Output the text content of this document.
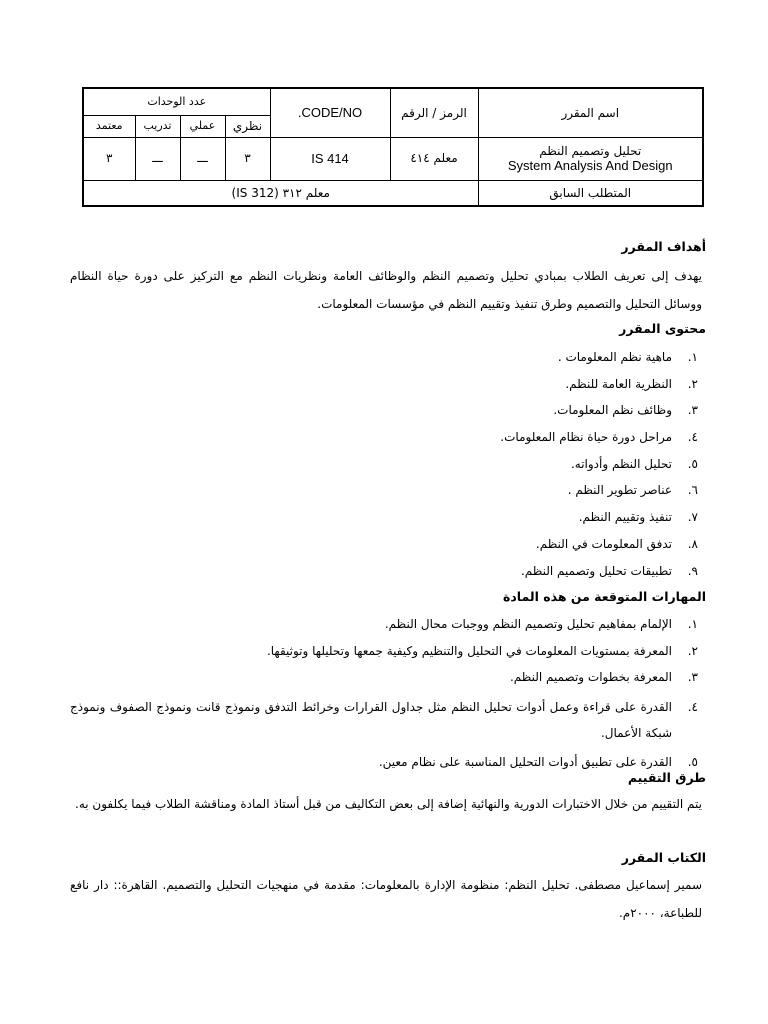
اسم المقرر	الرمز / الرقم	CODE/NO.	عدد الوحدات			
			نظري	عملي	تدريب	معتمد

تحليل وتصميم النظم
System Analysis And Design	معلم ٤١٤	IS 414	٣	ـــ	ـــ	٣
المتطلب السابق	معلم ٣١٢ (IS 312)					
أهداف المقرر
يهدف إلى تعريف الطلاب بمبادي تحليل وتصميم النظم والوظائف العامة ونظريات النظم مع التركيز على دورة حياة النظام ووسائل التحليل والتصميم وطرق تنفيذ وتقييم النظم في مؤسسات المعلومات.
محتوى المقرر
١.ماهية نظم المعلومات .
٢.النظرية العامة للنظم.
٣.وظائف نظم المعلومات.
٤.مراحل دورة حياة نظام المعلومات.
٥.تحليل النظم وأدواته.
٦.عناصر تطوير النظم .
٧.تنفيذ وتقييم النظم.
٨.تدفق المعلومات في النظم.
٩.تطبيقات تحليل وتصميم النظم.
المهارات المتوقعة من هذه المادة
١.الإلمام بمفاهيم تحليل وتصميم النظم ووجبات محال النظم.
٢.المعرفة بمستويات المعلومات في التحليل والتنظيم وكيفية جمعها وتحليلها وتوثيقها.
٣.المعرفة بخطوات وتصميم النظم.
٤.
القدرة على قراءة وعمل أدوات تحليل النظم مثل جداول القرارات وخرائط التدفق ونموذج قانت ونموذج الصفوف ونموذج شبكة الأعمال.
٥.القدرة على تطبيق أدوات التحليل المناسبة على نظام معين.
طرق التقييم
يتم التقييم من خلال الاختبارات الدورية والنهائية إضافة إلى بعض التكاليف من قبل أستاذ المادة ومناقشة الطلاب فيما يكلفون به.
الكتاب المقرر
سمير إسماعيل مصطفى. تحليل النظم: منظومة الإدارة بالمعلومات: مقدمة في منهجيات التحليل والتصميم. القاهرة:: دار نافع للطباعة، ٢٠٠٠م.
